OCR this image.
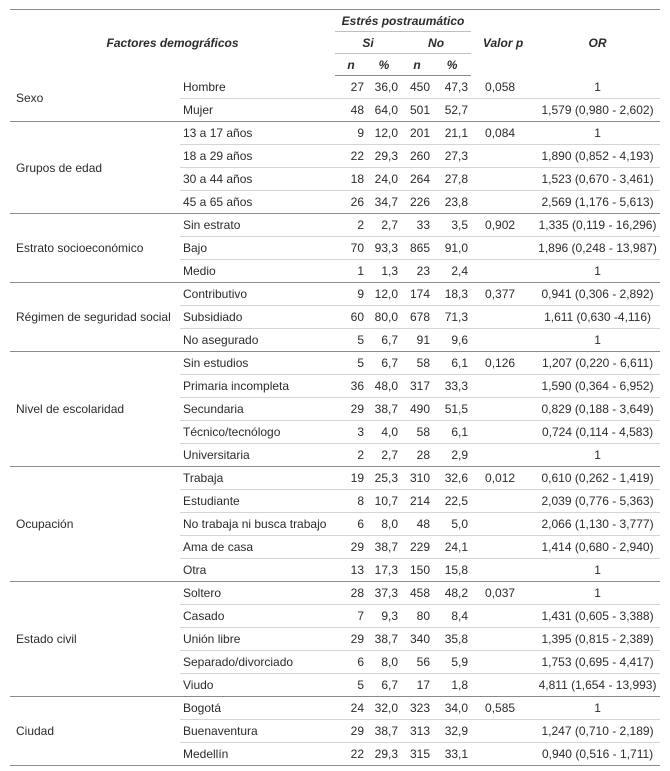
Factores demográficos		Estrés postraumático				Valor p	OR
		Si		No			
		n	%	n	%		
Sexo	Hombre	27	36,0	450	47,3	0,058	1
	Mujer	48	64,0	501	52,7		1,579 (0,980 - 2,602)
Grupos de edad	13 a 17 años	9	12,0	201	21,1	0,084	1
	18 a 29 años	22	29,3	260	27,3		1,890 (0,852 - 4,193)
	30 a 44 años	18	24,0	264	27,8		1,523 (0,670 - 3,461)
	45 a 65 años	26	34,7	226	23,8		2,569 (1,176 - 5,613)
Estrato socioeconómico	Sin estrato	2	2,7	33	3,5	0,902	1,335 (0,119 - 16,296)
	Bajo	70	93,3	865	91,0		1,896 (0,248 - 13,987)
	Medio	1	1,3	23	2,4		1
Régimen de seguridad social	Contributivo	9	12,0	174	18,3	0,377	0,941 (0,306 - 2,892)
	Subsidiado	60	80,0	678	71,3		1,611 (0,630 -4,116)
	No asegurado	5	6,7	91	9,6		1
Nivel de escolaridad	Sin estudios	5	6,7	58	6,1	0,126	1,207 (0,220 - 6,611)
	Primaria incompleta	36	48,0	317	33,3		1,590 (0,364 - 6,952)
	Secundaria	29	38,7	490	51,5		0,829 (0,188 - 3,649)
	Técnico/tecnólogo	3	4,0	58	6,1		0,724 (0,114 - 4,583)
	Universitaria	2	2,7	28	2,9		1
Ocupación	Trabaja	19	25,3	310	32,6	0,012	0,610 (0,262 - 1,419)
	Estudiante	8	10,7	214	22,5		2,039 (0,776 - 5,363)
	No trabaja ni busca trabajo	6	8,0	48	5,0		2,066 (1,130 - 3,777)
	Ama de casa	29	38,7	229	24,1		1,414 (0,680 - 2,940)
	Otra	13	17,3	150	15,8		1
Estado civil	Soltero	28	37,3	458	48,2	0,037	1
	Casado	7	9,3	80	8,4		1,431 (0,605 - 3,388)
	Unión libre	29	38,7	340	35,8		1,395 (0,815 - 2,389)
	Separado/divorciado	6	8,0	56	5,9		1,753 (0,695 - 4,417)
	Viudo	5	6,7	17	1,8		4,811 (1,654 - 13,993)
Ciudad	Bogotá	24	32,0	323	34,0	0,585	1
	Buenaventura	29	38,7	313	32,9		1,247 (0,710 - 2,189)
	Medellín	22	29,3	315	33,1		0,940 (0,516 - 1,711)
